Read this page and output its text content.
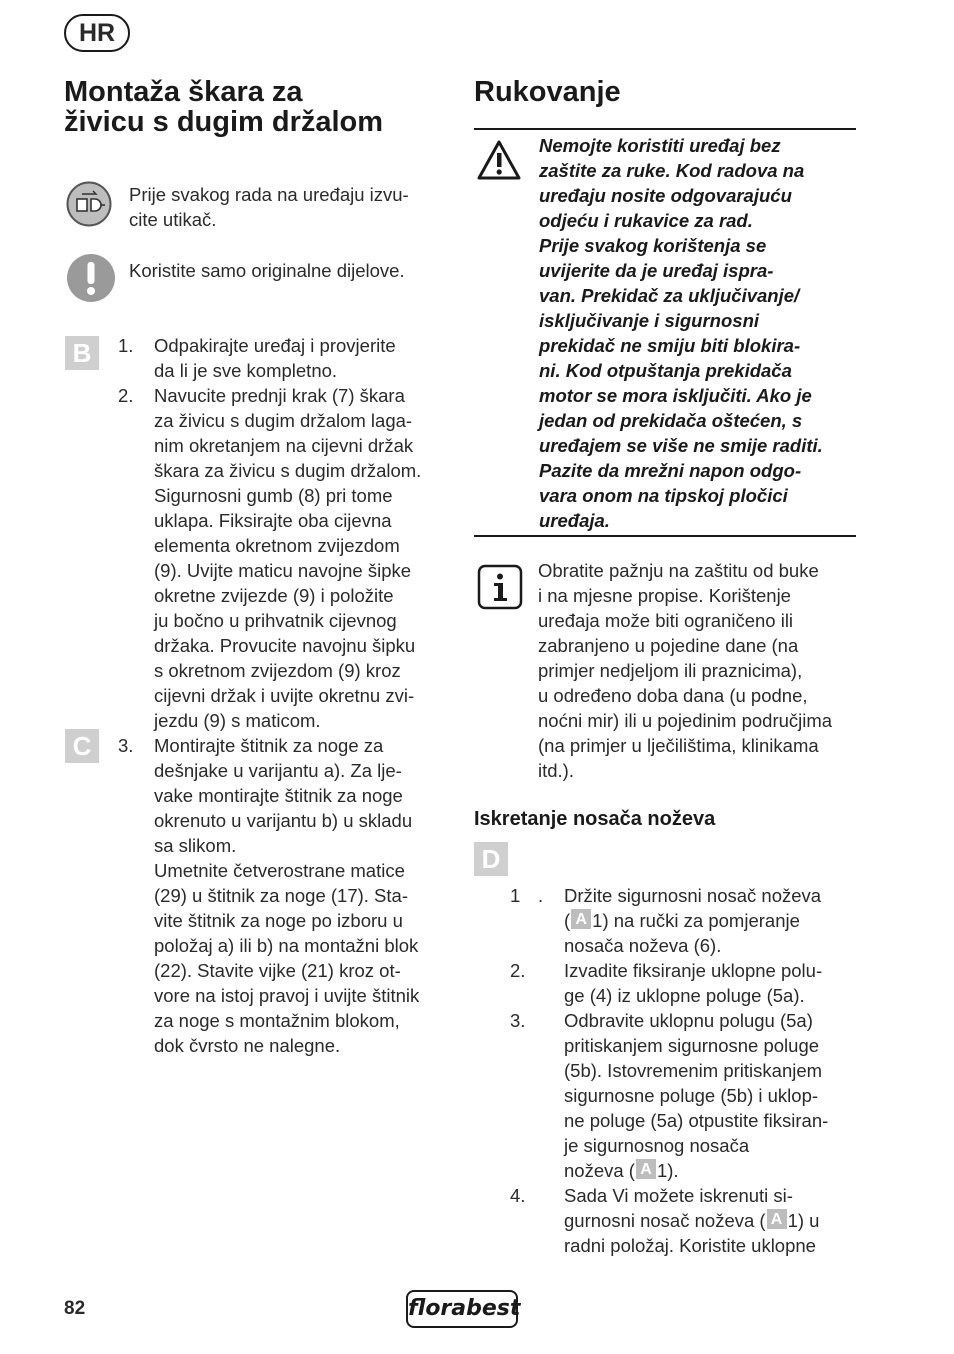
HR
Montaža škara za
živicu s dugim držalom
Prije svakog rada na uređaju izvu-
cite utikač.
Koristite samo originalne dijelove.
B
C
1. Odpakirajte uređaj i provjerite
da li je sve kompletno.
2. Navucite prednji krak (7) škara
za živicu s dugim držalom laga-
nim okretanjem na cijevni držak
škara za živicu s dugim držalom.
Sigurnosni gumb (8) pri tome
uklapa. Fiksirajte oba cijevna
elementa okretnom zvijezdom
(9). Uvijte maticu navojne šipke
okretne zvijezde (9) i položite
ju bočno u prihvatnik cijevnog
držaka. Provucite navojnu šipku
s okretnom zvijezdom (9) kroz
cijevni držak i uvijte okretnu zvi-
jezdu (9) s maticom.
3. Montirajte štitnik za noge za
dešnjake u varijantu a). Za lje-
vake montirajte štitnik za noge
okrenuto u varijantu b) u skladu
sa slikom.
Umetnite četverostrane matice
(29) u štitnik za noge (17). Sta-
vite štitnik za noge po izboru u
položaj a) ili b) na montažni blok
(22). Stavite vijke (21) kroz ot-
vore na istoj pravoj i uvijte štitnik
za noge s montažnim blokom,
dok čvrsto ne nalegne.
Rukovanje
Nemojte koristiti uređaj bez
zaštite za ruke. Kod radova na
uređaju nosite odgovarajuću
odjeću i rukavice za rad.
Prije svakog korištenja se
uvijerite da je uređaj ispra-
van. Prekidač za uključivanje/
isključivanje i sigurnosni
prekidač ne smiju biti blokira-
ni. Kod otpuštanja prekidača
motor se mora isključiti. Ako je
jedan od prekidača oštećen, s
uređajem se više ne smije raditi.
Pazite da mrežni napon odgo-
vara onom na tipskoj pločici
uređaja.
Obratite pažnju na zaštitu od buke
i na mjesne propise. Korištenje
uređaja može biti ograničeno ili
zabranjeno u pojedine dane (na
primjer nedjeljom ili praznicima),
u određeno doba dana (u podne,
noćni mir) ili u pojedinim područjima
(na primjer u lječilištima, klinikama
itd.).
Iskretanje nosača noževa
D
1 . Držite sigurnosni nosač noževa
( A 1) na ručki za pomjeranje
nosača noževa (6).
2. Izvadite fiksiranje uklopne polu-
ge (4) iz uklopne poluge (5a).
3. Odbravite uklopnu polugu (5a)
pritiskanjem sigurnosne poluge
(5b). Istovremenim pritiskanjem
sigurnosne poluge (5b) i uklop-
ne poluge (5a) otpustite fiksiran-
je sigurnosnog nosača
noževa ( A 1).
4. Sada Vi možete iskrenuti si-
gurnosni nosač noževa ( A 1) u
radni položaj. Koristite uklopne
82	florabest
